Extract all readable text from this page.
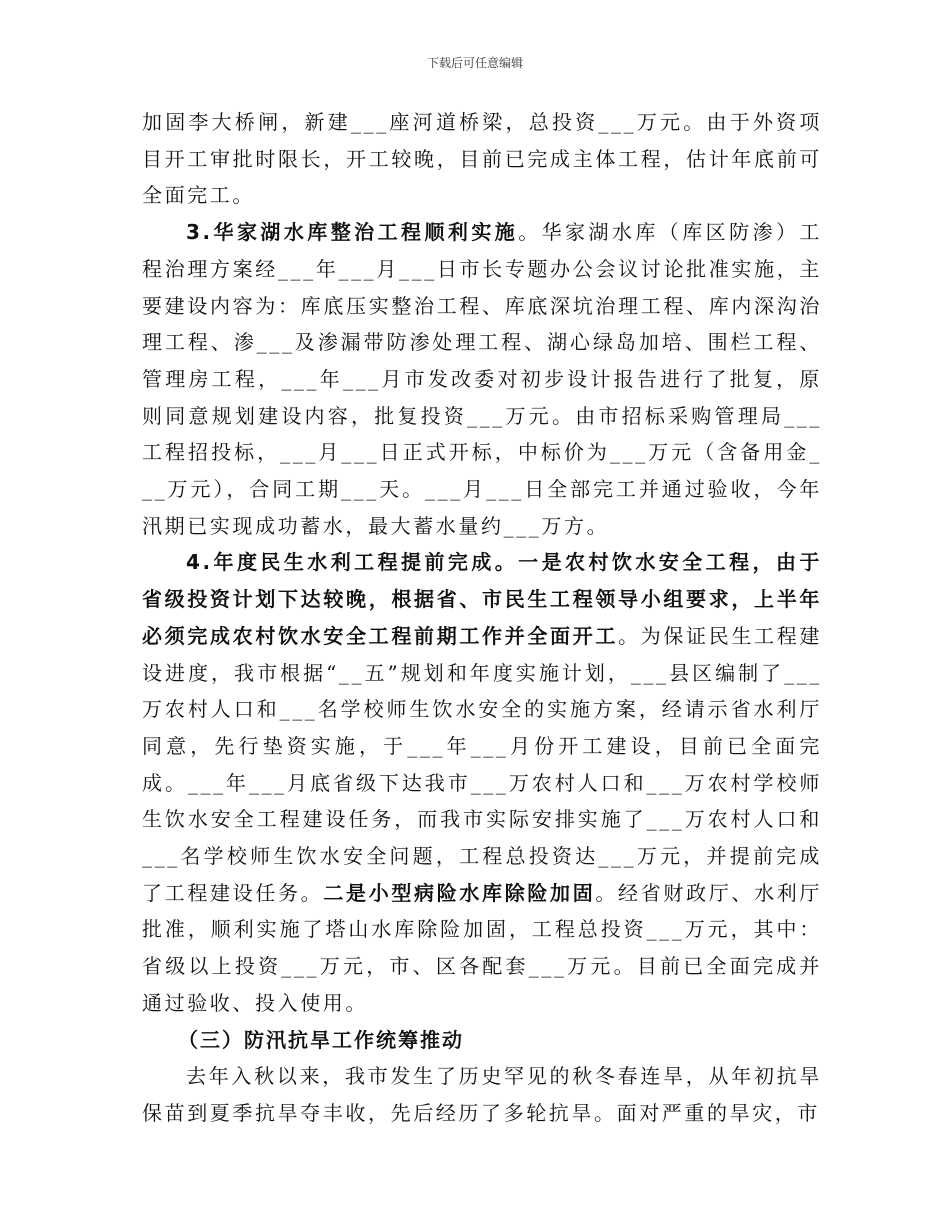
下载后可任意编辑

加固李大桥闸，新建___座河道桥梁，总投资___万元。由于外资项目开工审批时限长，开工较晚，目前已完成主体工程，估计年底前可全面完工。

3.华家湖水库整治工程顺利实施。华家湖水库（库区防渗）工程治理方案经___年___月___日市长专题办公会议讨论批准实施，主要建设内容为：库底压实整治工程、库底深坑治理工程、库内深沟治理工程、渗___及渗漏带防渗处理工程、湖心绿岛加培、围栏工程、管理房工程，___年___月市发改委对初步设计报告进行了批复，原则同意规划建设内容，批复投资___万元。由市招标采购管理局___工程招投标，___月___日正式开标，中标价为___万元（含备用金___万元），合同工期___天。___月___日全部完工并通过验收，今年汛期已实现成功蓄水，最大蓄水量约___万方。

4.年度民生水利工程提前完成。一是农村饮水安全工程，由于省级投资计划下达较晚，根据省、市民生工程领导小组要求，上半年必须完成农村饮水安全工程前期工作并全面开工。为保证民生工程建设进度，我市根据“__五”规划和年度实施计划，___县区编制了___万农村人口和___名学校师生饮水安全的实施方案，经请示省水利厅同意，先行垫资实施，于___年___月份开工建设，目前已全面完成。___年___月底省级下达我市___万农村人口和___万农村学校师生饮水安全工程建设任务，而我市实际安排实施了___万农村人口和___名学校师生饮水安全问题，工程总投资达___万元，并提前完成了工程建设任务。二是小型病险水库除险加固。经省财政厅、水利厅批准，顺利实施了塔山水库除险加固，工程总投资___万元，其中：省级以上投资___万元，市、区各配套___万元。目前已全面完成并通过验收、投入使用。

（三）防汛抗旱工作统筹推动

去年入秋以来，我市发生了历史罕见的秋冬春连旱，从年初抗旱保苗到夏季抗旱夺丰收，先后经历了多轮抗旱。面对严重的旱灾，市
